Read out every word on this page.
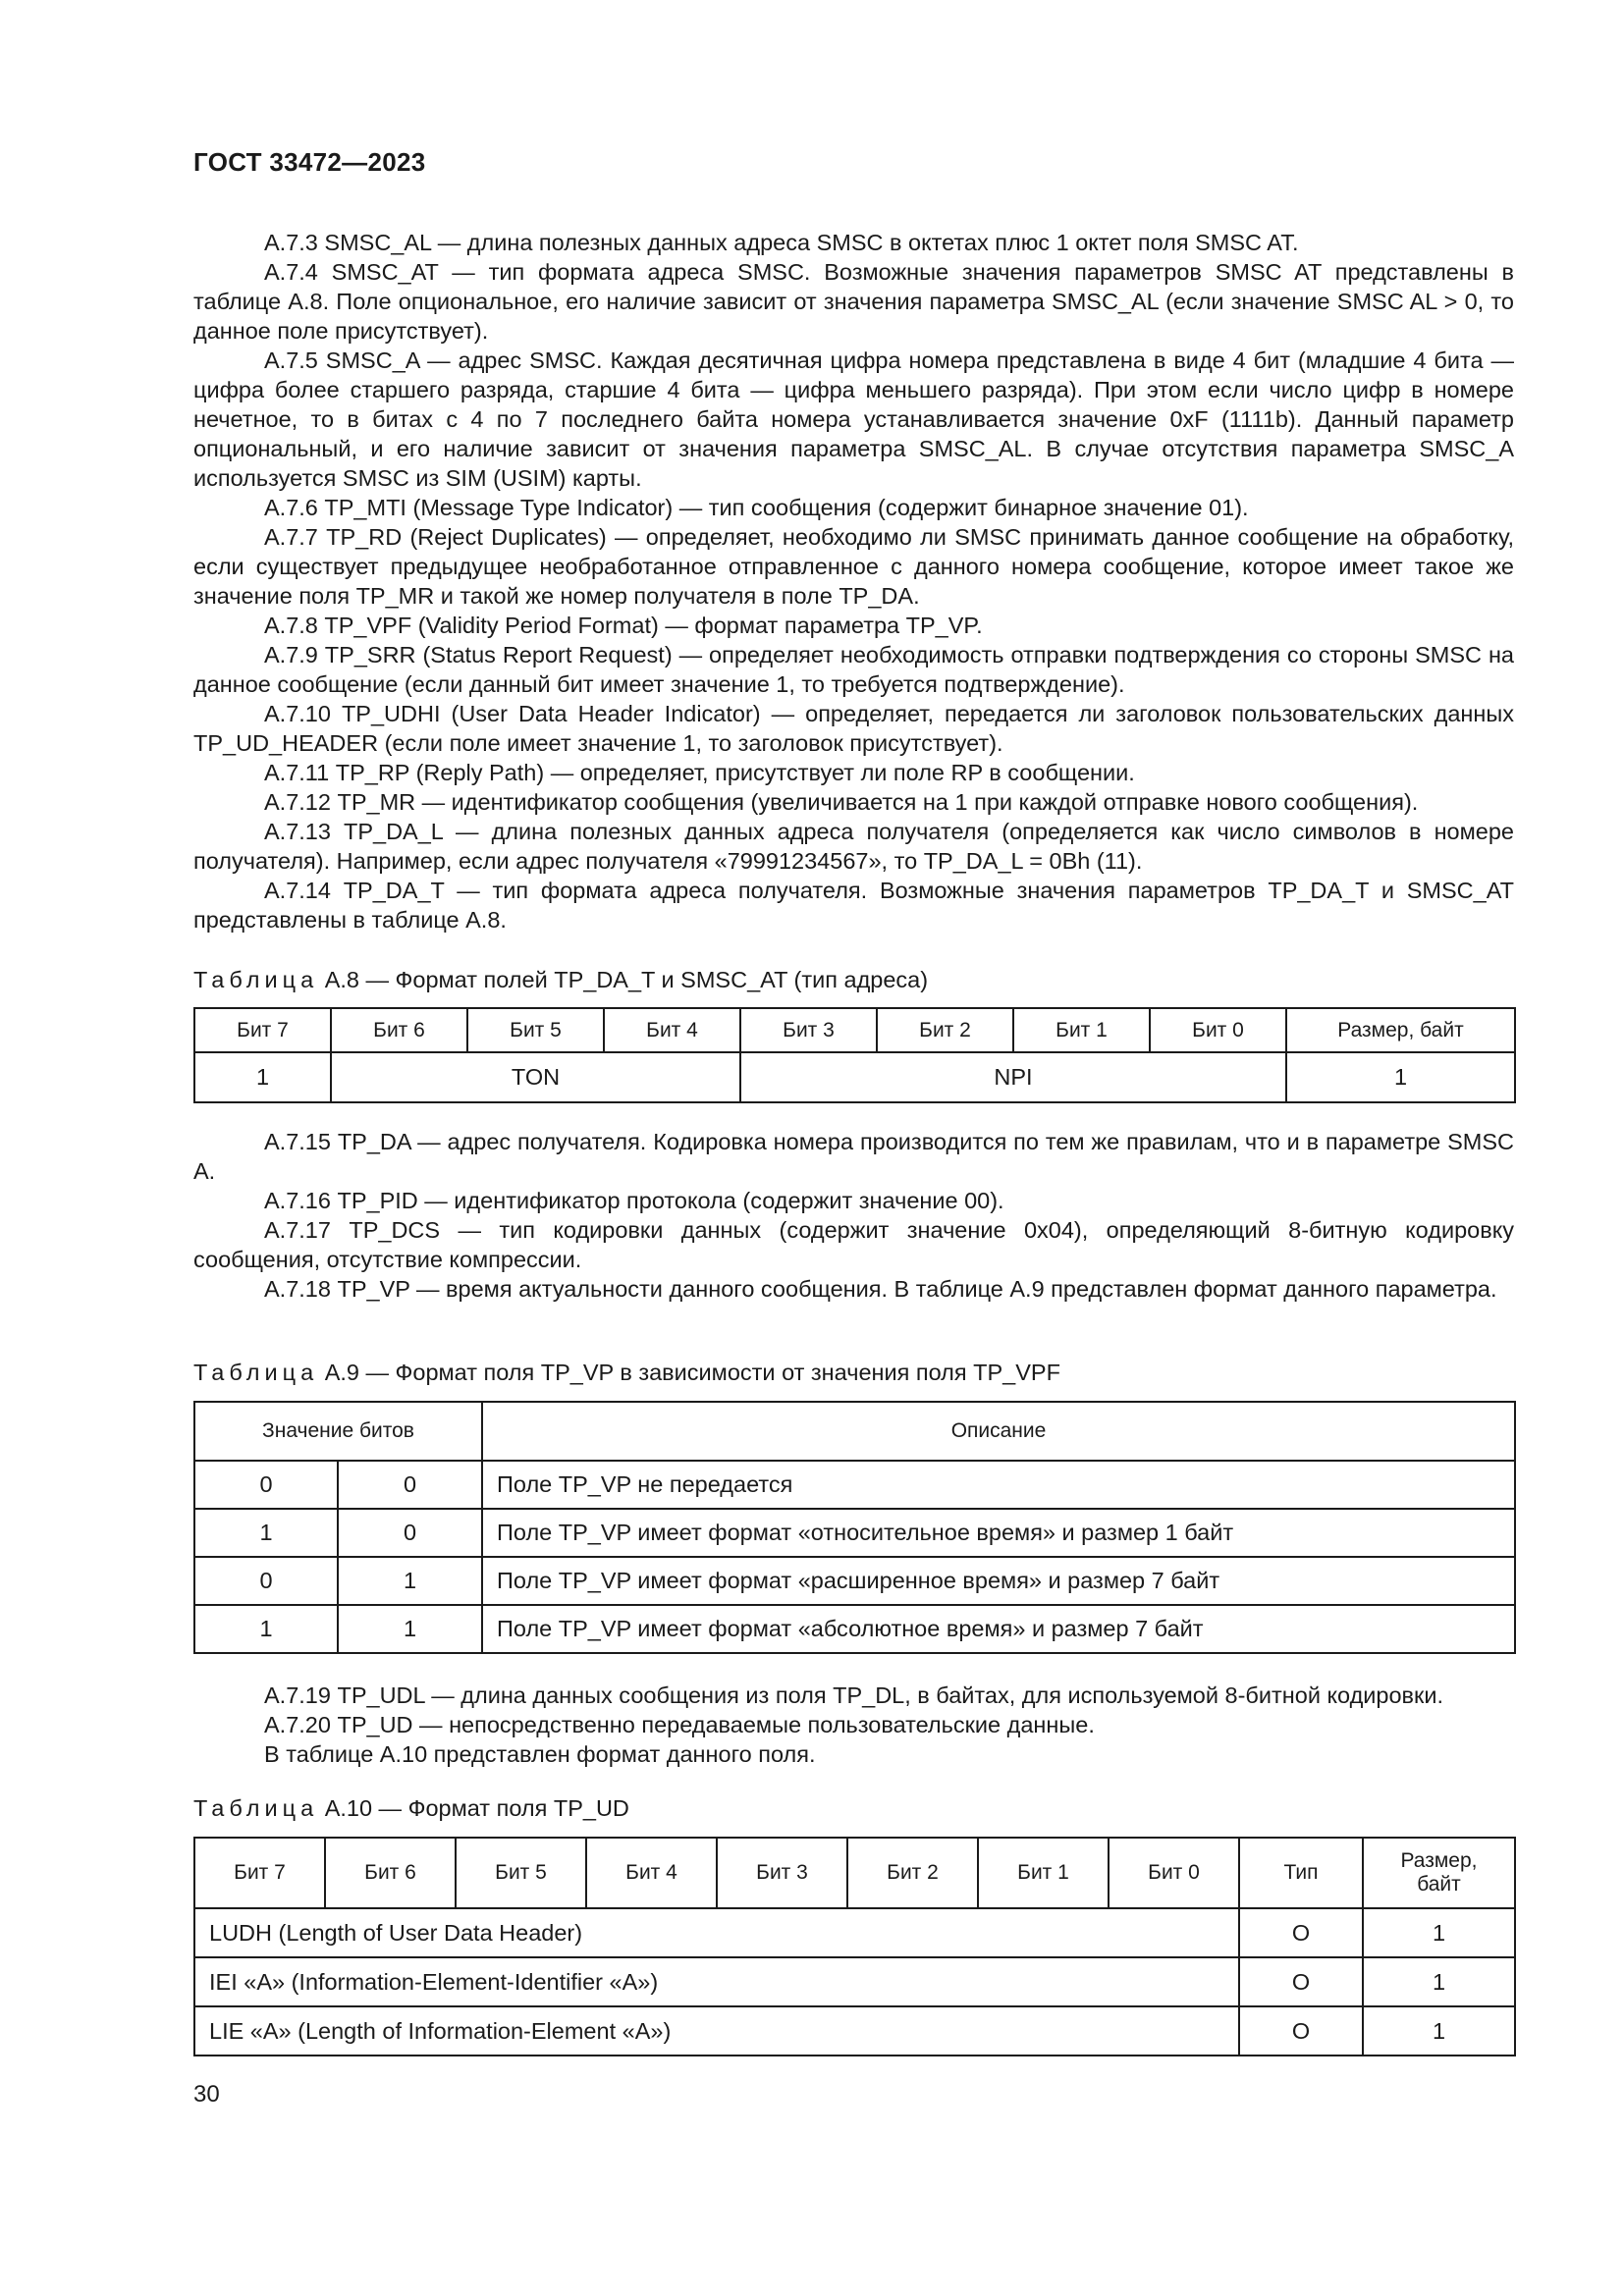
ГОСТ 33472—2023

А.7.3 SMSC_AL — длина полезных данных адреса SMSC в октетах плюс 1 октет поля SMSC AT.

А.7.4 SMSC_AT — тип формата адреса SMSC. Возможные значения параметров SMSC AT представлены в таблице А.8. Поле опциональное, его наличие зависит от значения параметра SMSC_AL (если значение SMSC AL > 0, то данное поле присутствует).

А.7.5 SMSC_A — адрес SMSC. Каждая десятичная цифра номера представлена в виде 4 бит (младшие 4 бита — цифра более старшего разряда, старшие 4 бита — цифра меньшего разряда). При этом если число цифр в номере нечетное, то в битах с 4 по 7 последнего байта номера устанавливается значение 0xF (1111b). Данный параметр опциональный, и его наличие зависит от значения параметра SMSC_AL. В случае отсутствия параметра SMSC_A используется SMSC из SIM (USIM) карты.

А.7.6 TP_MTI (Message Type Indicator) — тип сообщения (содержит бинарное значение 01).

А.7.7 TP_RD (Reject Duplicates) — определяет, необходимо ли SMSC принимать данное сообщение на обработку, если существует предыдущее необработанное отправленное с данного номера сообщение, которое имеет такое же значение поля TP_MR и такой же номер получателя в поле TP_DA.

А.7.8 TP_VPF (Validity Period Format) — формат параметра TP_VP.

А.7.9 TP_SRR (Status Report Request) — определяет необходимость отправки подтверждения со стороны SMSC на данное сообщение (если данный бит имеет значение 1, то требуется подтверждение).

А.7.10 TP_UDHI (User Data Header Indicator) — определяет, передается ли заголовок пользовательских данных TP_UD_HEADER (если поле имеет значение 1, то заголовок присутствует).

А.7.11 TP_RP (Reply Path) — определяет, присутствует ли поле RP в сообщении.

А.7.12 TP_MR — идентификатор сообщения (увеличивается на 1 при каждой отправке нового сообщения).

А.7.13 TP_DA_L — длина полезных данных адреса получателя (определяется как число символов в номере получателя). Например, если адрес получателя «79991234567», то TP_DA_L = 0Bh (11).

А.7.14 TP_DA_T — тип формата адреса получателя. Возможные значения параметров TP_DA_T и SMSC_AT представлены в таблице А.8.

Таблица А.8 — Формат полей TP_DA_T и SMSC_AT (тип адреса)
Бит 7	Бит 6	Бит 5	Бит 4	Бит 3	Бит 2	Бит 1	Бит 0	Размер, байт
1	TON			NPI				1

А.7.15 TP_DA — адрес получателя. Кодировка номера производится по тем же правилам, что и в параметре SMSC A.

А.7.16 TP_PID — идентификатор протокола (содержит значение 00).

А.7.17 TP_DCS — тип кодировки данных (содержит значение 0x04), определяющий 8-битную кодировку сообщения, отсутствие компрессии.

А.7.18 TP_VP — время актуальности данного сообщения. В таблице А.9 представлен формат данного параметра.

Таблица А.9 — Формат поля TP_VP в зависимости от значения поля TP_VPF
Значение битов		Описание
0	0	Поле TP_VP не передается
1	0	Поле TP_VP имеет формат «относительное время» и размер 1 байт
0	1	Поле TP_VP имеет формат «расширенное время» и размер 7 байт
1	1	Поле TP_VP имеет формат «абсолютное время» и размер 7 байт

А.7.19 TP_UDL — длина данных сообщения из поля TP_DL, в байтах, для используемой 8-битной кодировки.

А.7.20 TP_UD — непосредственно передаваемые пользовательские данные.

В таблице А.10 представлен формат данного поля.

Таблица А.10 — Формат поля TP_UD
Бит 7	Бит 6	Бит 5	Бит 4	Бит 3	Бит 2	Бит 1	Бит 0	Тип	Размер, байт
LUDH (Length of User Data Header)								O	1
IEI «A» (Information-Element-Identifier «A»)								O	1
LIE «A» (Length of Information-Element «A»)								O	1
30
